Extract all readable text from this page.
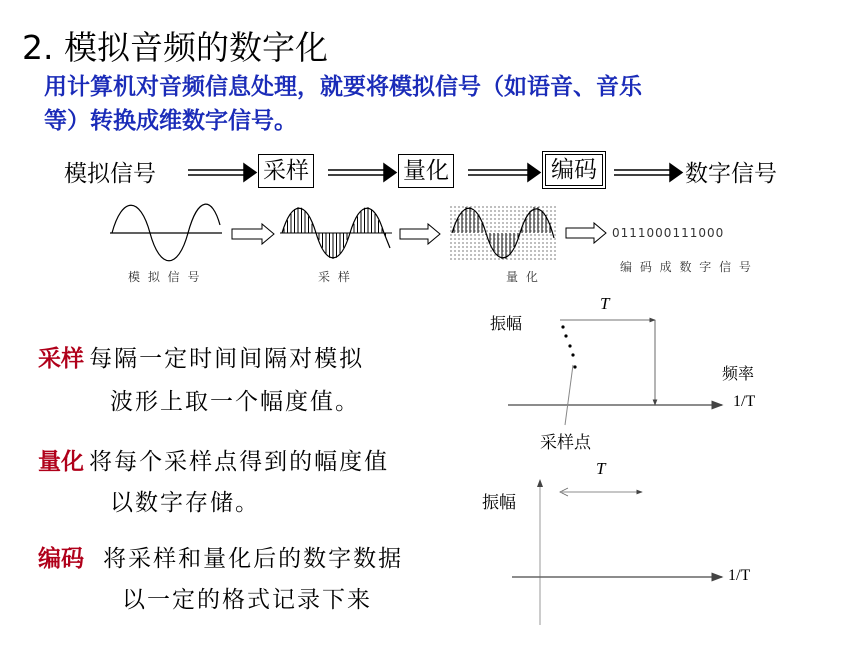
2. 模拟音频的数字化
用计算机对音频信息处理，就要将模拟信号（如语音、音乐
等）转换成维数字信号。
模拟信号	采样	量化	编码	数字信号
模 拟 信 号	采 样	量 化
0111000111000
编 码 成 数 字 信 号
采样 每隔一定时间间隔对模拟
波形上取一个幅度值。
量化 将每个采样点得到的幅度值
以数字存储。
编码 将采样和量化后的数字数据
以一定的格式记录下来
振幅
T
频率
1/T
采样点
振幅
T
1/T
